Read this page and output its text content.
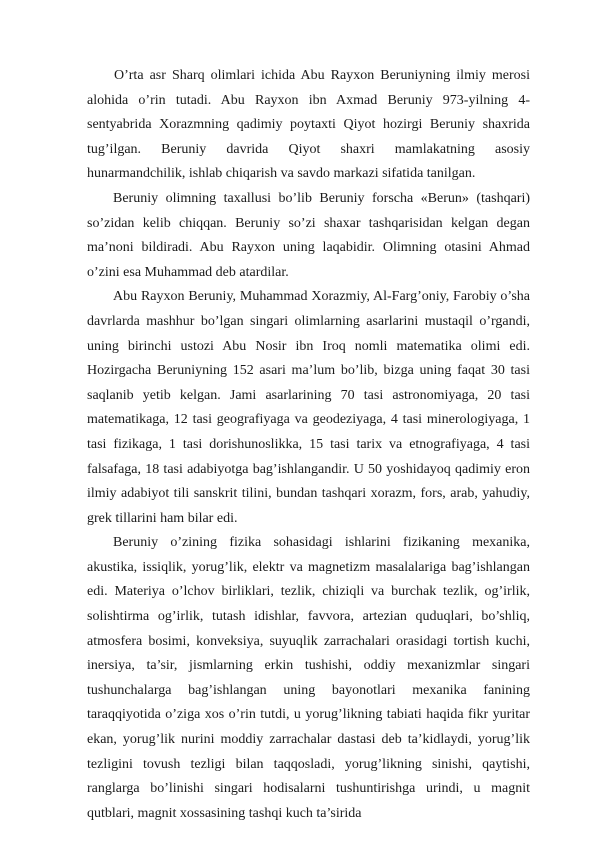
O’rta asr Sharq olimlari ichida Abu Rayxon Beruniyning ilmiy merosi alohida o’rin tutadi. Abu Rayxon ibn Axmad Beruniy 973-yilning 4-sentyabrida Xorazmning qadimiy poytaxti Qiyot hozirgi Beruniy shaxrida tug’ilgan. Beruniy davrida Qiyot shaxri mamlakatning asosiy hunarmandchilik, ishlab chiqarish va savdo markazi sifatida tanilgan.

Beruniy olimning taxallusi bo’lib Beruniy forscha «Berun» (tashqari) so’zidan kelib chiqqan. Beruniy so’zi shaxar tashqarisidan kelgan degan ma’noni bildiradi. Abu Rayxon uning laqabidir. Olimning otasini Ahmad o’zini esa Muhammad deb atardilar.

Abu Rayxon Beruniy, Muhammad Xorazmiy, Al-Farg’oniy, Farobiy o’sha davrlarda mashhur bo’lgan singari olimlarning asarlarini mustaqil o’rgandi, uning birinchi ustozi Abu Nosir ibn Iroq nomli matematika olimi edi. Hozirgacha Beruniyning 152 asari ma’lum bo’lib, bizga uning faqat 30 tasi saqlanib yetib kelgan. Jami asarlarining 70 tasi astronomiyaga, 20 tasi matematikaga, 12 tasi geografiyaga va geodeziyaga, 4 tasi minerologiyaga, 1 tasi fizikaga, 1 tasi dorishunoslikka, 15 tasi tarix va etnografiyaga, 4 tasi falsafaga, 18 tasi adabiyotga bag’ishlangandir. U 50 yoshidayoq qadimiy eron ilmiy adabiyot tili sanskrit tilini, bundan tashqari xorazm, fors, arab, yahudiy, grek tillarini ham bilar edi.

Beruniy o’zining fizika sohasidagi ishlarini fizikaning mexanika, akustika, issiqlik, yorug’lik, elektr va magnetizm masalalariga bag’ishlangan edi. Materiya o’lchov birliklari, tezlik, chiziqli va burchak tezlik, og’irlik, solishtirma og’irlik, tutash idishlar, favvora, artezian quduqlari, bo’shliq, atmosfera bosimi, konveksiya, suyuqlik zarrachalari orasidagi tortish kuchi, inersiya, ta’sir, jismlarning erkin tushishi, oddiy mexanizmlar singari tushunchalarga bag’ishlangan uning bayonotlari mexanika fanining taraqqiyotida o’ziga xos o’rin tutdi, u yorug’likning tabiati haqida fikr yuritar ekan, yorug’lik nurini moddiy zarrachalar dastasi deb ta’kidlaydi, yorug’lik tezligini tovush tezligi bilan taqqosladi, yorug’likning sinishi, qaytishi, ranglarga bo’linishi singari hodisalarni tushuntirishga urindi, u magnit qutblari, magnit xossasining tashqi kuch ta’sirida
